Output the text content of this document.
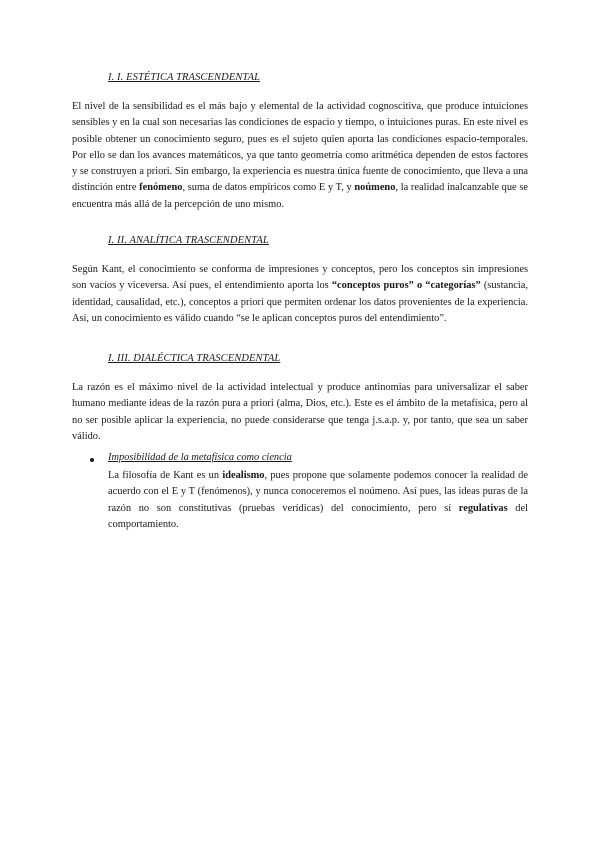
I. I. ESTÉTICA TRASCENDENTAL

El nivel de la sensibilidad es el más bajo y elemental de la actividad cognoscitiva, que produce intuiciones sensibles y en la cual son necesarias las condiciones de espacio y tiempo, o intuiciones puras. En este nivel es posible obtener un conocimiento seguro, pues es el sujeto quien aporta las condiciones espacio-temporales. Por ello se dan los avances matemáticos, ya que tanto geometría como aritmética dependen de estos factores y se construyen a priori. Sin embargo, la experiencia es nuestra única fuente de conocimiento, que lleva a una distinción entre fenómeno, suma de datos empíricos como E y T, y noúmeno, la realidad inalcanzable que se encuentra más allá de la percepción de uno mismo.

I. II. ANALÍTICA TRASCENDENTAL

Según Kant, el conocimiento se conforma de impresiones y conceptos, pero los conceptos sin impresiones son vacíos y viceversa. Así pues, el entendimiento aporta los “conceptos puros” o “categorías” (sustancia, identidad, causalidad, etc.), conceptos a priori que permiten ordenar los datos provenientes de la experiencia. Así, un conocimiento es válido cuando “se le aplican conceptos puros del entendimiento”.

I. III. DIALÉCTICA TRASCENDENTAL

La razón es el máximo nivel de la actividad intelectual y produce antinomias para universalizar el saber humano mediante ideas de la razón pura a priori (alma, Dios, etc.). Este es el ámbito de la metafísica, pero al no ser posible aplicar la experiencia, no puede considerarse que tenga j.s.a.p. y, por tanto, que sea un saber válido.

Imposibilidad de la metafísica como ciencia

La filosofía de Kant es un idealismo, pues propone que solamente podemos conocer la realidad de acuerdo con el E y T (fenómenos), y nunca conoceremos el noúmeno. Así pues, las ideas puras de la razón no son constitutivas (pruebas verídicas) del conocimiento, pero sí regulativas del comportamiento.
